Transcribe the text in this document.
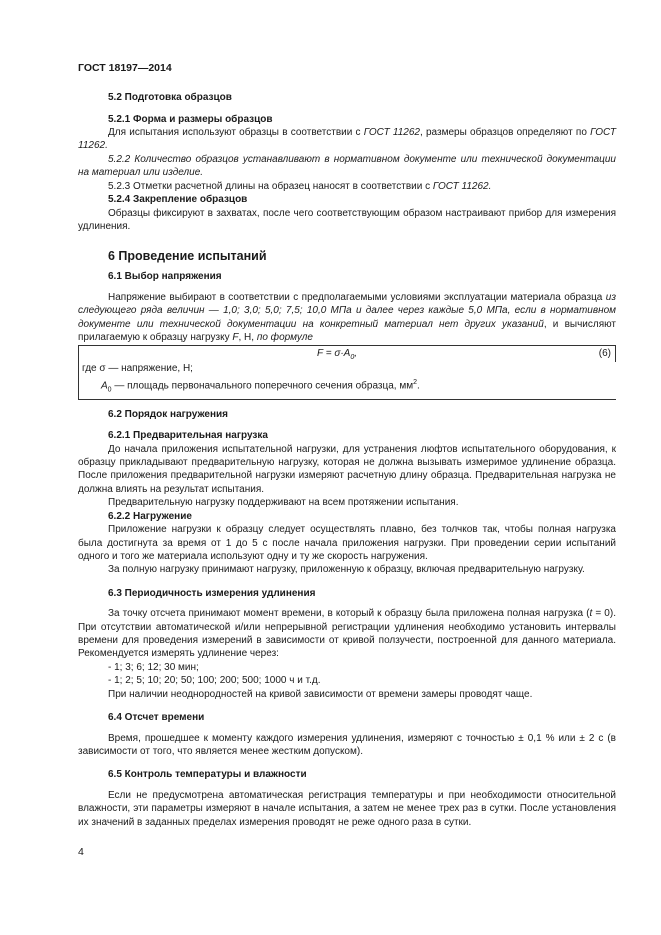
ГОСТ 18197—2014
5.2 Подготовка образцов
5.2.1 Форма и размеры образцов

Для испытания используют образцы в соответствии с ГОСТ 11262, размеры образцов определяют по ГОСТ 11262.

5.2.2 Количество образцов устанавливают в нормативном документе или технической документации на материал или изделие.

5.2.3 Отметки расчетной длины на образец наносят в соответствии с ГОСТ 11262.

5.2.4 Закрепление образцов

Образцы фиксируют в захватах, после чего соответствующим образом настраивают прибор для измерения удлинения.

6 Проведение испытаний
6.1 Выбор напряжения

Напряжение выбирают в соответствии с предполагаемыми условиями эксплуатации материала образца из следующего ряда величин — 1,0; 3,0; 5,0; 7,5; 10,0 МПа и далее через каждые 5,0 МПа, если в нормативном документе или технической документации на конкретный материал нет других указаний, и вычисляют прилагаемую к образцу нагрузку F, Н, по формуле

$F = \sigma\cdot A_0$,	(6)

где σ — напряжение, Н;

$A_0$ — площадь первоначального поперечного сечения образца, $мм^2$.

6.2 Порядок нагружения
6.2.1 Предварительная нагрузка

До начала приложения испытательной нагрузки, для устранения люфтов испытательного оборудования, к образцу прикладывают предварительную нагрузку, которая не должна вызывать измеримое удлинение образца. После приложения предварительной нагрузки измеряют расчетную длину образца. Предварительная нагрузка не должна влиять на результат испытания.

Предварительную нагрузку поддерживают на всем протяжении испытания.

6.2.2 Нагружение

Приложение нагрузки к образцу следует осуществлять плавно, без толчков так, чтобы полная нагрузка была достигнута за время от 1 до 5 с после начала приложения нагрузки. При проведении серии испытаний одного и того же материала используют одну и ту же скорость нагружения.

За полную нагрузку принимают нагрузку, приложенную к образцу, включая предварительную нагрузку.

6.3 Периодичность измерения удлинения

За точку отсчета принимают момент времени, в который к образцу была приложена полная нагрузка (t = 0). При отсутствии автоматической и/или непрерывной регистрации удлинения необходимо установить интервалы времени для проведения измерений в зависимости от кривой ползучести, построенной для данного материала. Рекомендуется измерять удлинение через:

- 1; 3; 6; 12; 30 мин;

- 1; 2; 5; 10; 20; 50; 100; 200; 500; 1000 ч и т.д.

При наличии неоднородностей на кривой зависимости от времени замеры проводят чаще.

6.4 Отсчет времени

Время, прошедшее к моменту каждого измерения удлинения, измеряют с точностью ± 0,1 % или ± 2 с (в зависимости от того, что является менее жестким допуском).

6.5 Контроль температуры и влажности

Если не предусмотрена автоматическая регистрация температуры и при необходимости относительной влажности, эти параметры измеряют в начале испытания, а затем не менее трех раз в сутки. После установления их значений в заданных пределах измерения проводят не реже одного раза в сутки.

4
